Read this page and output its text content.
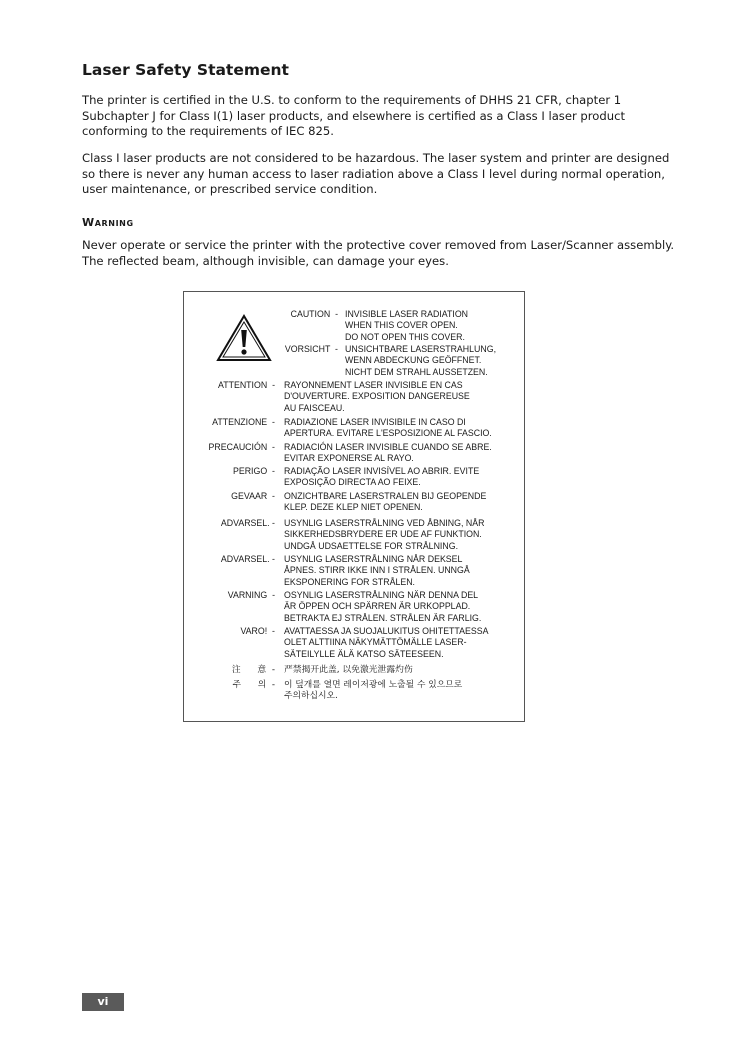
Laser Safety Statement

The printer is certified in the U.S. to conform to the requirements of DHHS 21 CFR, chapter 1 Subchapter J for Class I(1) laser products, and elsewhere is certified as a Class I laser product conforming to the requirements of IEC 825.

Class I laser products are not considered to be hazardous. The laser system and printer are designed so there is never any human access to laser radiation above a Class I level during normal operation, user maintenance, or prescribed service condition.

Warning

Never operate or service the printer with the protective cover removed from Laser/Scanner assembly. The reflected beam, although invisible, can damage your eyes.

CAUTION  - INVISIBLE LASER RADIATION
WHEN THIS COVER OPEN.
DO NOT OPEN THIS COVER.
VORSICHT  - UNSICHTBARE LASERSTRAHLUNG,
WENN ABDECKUNG GEÖFFNET.
NICHT DEM STRAHL AUSSETZEN.
ATTENTION  - RAYONNEMENT LASER INVISIBLE EN CAS
D'OUVERTURE. EXPOSITION DANGEREUSE
AU FAISCEAU.
ATTENZIONE  - RADIAZIONE LASER INVISIBILE IN CASO DI
APERTURA. EVITARE L'ESPOSIZIONE AL FASCIO.
PRECAUCIÓN  - RADIACIÓN LASER INVISIBLE CUANDO SE ABRE.
EVITAR EXPONERSE AL RAYO.
PERIGO  - RADIAÇÃO LASER INVISÍVEL AO ABRIR. EVITE
EXPOSIÇÃO DIRECTA AO FEIXE.
GEVAAR  - ONZICHTBARE LASERSTRALEN BIJ GEOPENDE
KLEP. DEZE KLEP NIET OPENEN.
ADVARSEL. - USYNLIG LASERSTRÅLNING VED ÅBNING, NÅR
SIKKERHEDSBRYDERE ER UDE AF FUNKTION.
UNDGÅ UDSAETTELSE FOR STRÅLNING.
ADVARSEL. - USYNLIG LASERSTRÅLNING NÅR DEKSEL
ÅPNES. STIRR IKKE INN I STRÅLEN. UNNGÅ
EKSPONERING FOR STRÅLEN.
VARNING  - OSYNLIG LASERSTRÅLNING NÄR DENNA DEL
ÄR ÖPPEN OCH SPÄRREN ÄR URKOPPLAD.
BETRAKTA EJ STRÅLEN. STRÅLEN ÄR FARLIG.
VARO!  - AVATTAESSA JA SUOJALUKITUS OHITETTAESSA
OLET ALTTIINA NÄKYMÄTTÖMÄLLE LASER-
SÄTEILYLLE ÄLÄ KATSO SÄTEESEEN.
注      意  - 严禁揭开此盖, 以免激光泄露灼伤
주      의  - 이 덮개를 열면 레이저광에 노출될 수 있으므로
주의하십시오.
vi
